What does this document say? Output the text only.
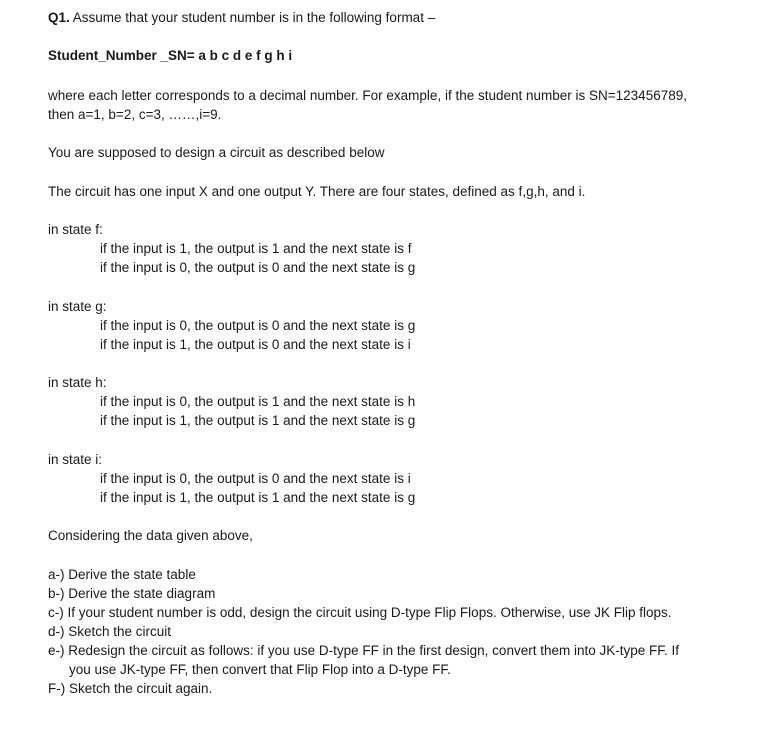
Q1. Assume that your student number is in the following format –
Student_Number _SN= a b c d e f g h i
where each letter corresponds to a decimal number. For example, if the student number is SN=123456789,
then a=1, b=2, c=3, ……,i=9.
You are supposed to design a circuit as described below
The circuit has one input X and one output Y. There are four states, defined as f,g,h, and i.
in state f:
if the input is 1, the output is 1 and the next state is f
if the input is 0, the output is 0 and the next state is g
in state g:
if the input is 0, the output is 0 and the next state is g
if the input is 1, the output is 0 and the next state is i
in state h:
if the input is 0, the output is 1 and the next state is h
if the input is 1, the output is 1 and the next state is g
in state i:
if the input is 0, the output is 0 and the next state is i
if the input is 1, the output is 1 and the next state is g
Considering the data given above,
a-) Derive the state table
b-) Derive the state diagram
c-) If your student number is odd, design the circuit using D-type Flip Flops. Otherwise, use JK Flip flops.
d-) Sketch the circuit
e-) Redesign the circuit as follows: if you use D-type FF in the first design, convert them into JK-type FF. If
you use JK-type FF, then convert that Flip Flop into a D-type FF.
F-) Sketch the circuit again.
